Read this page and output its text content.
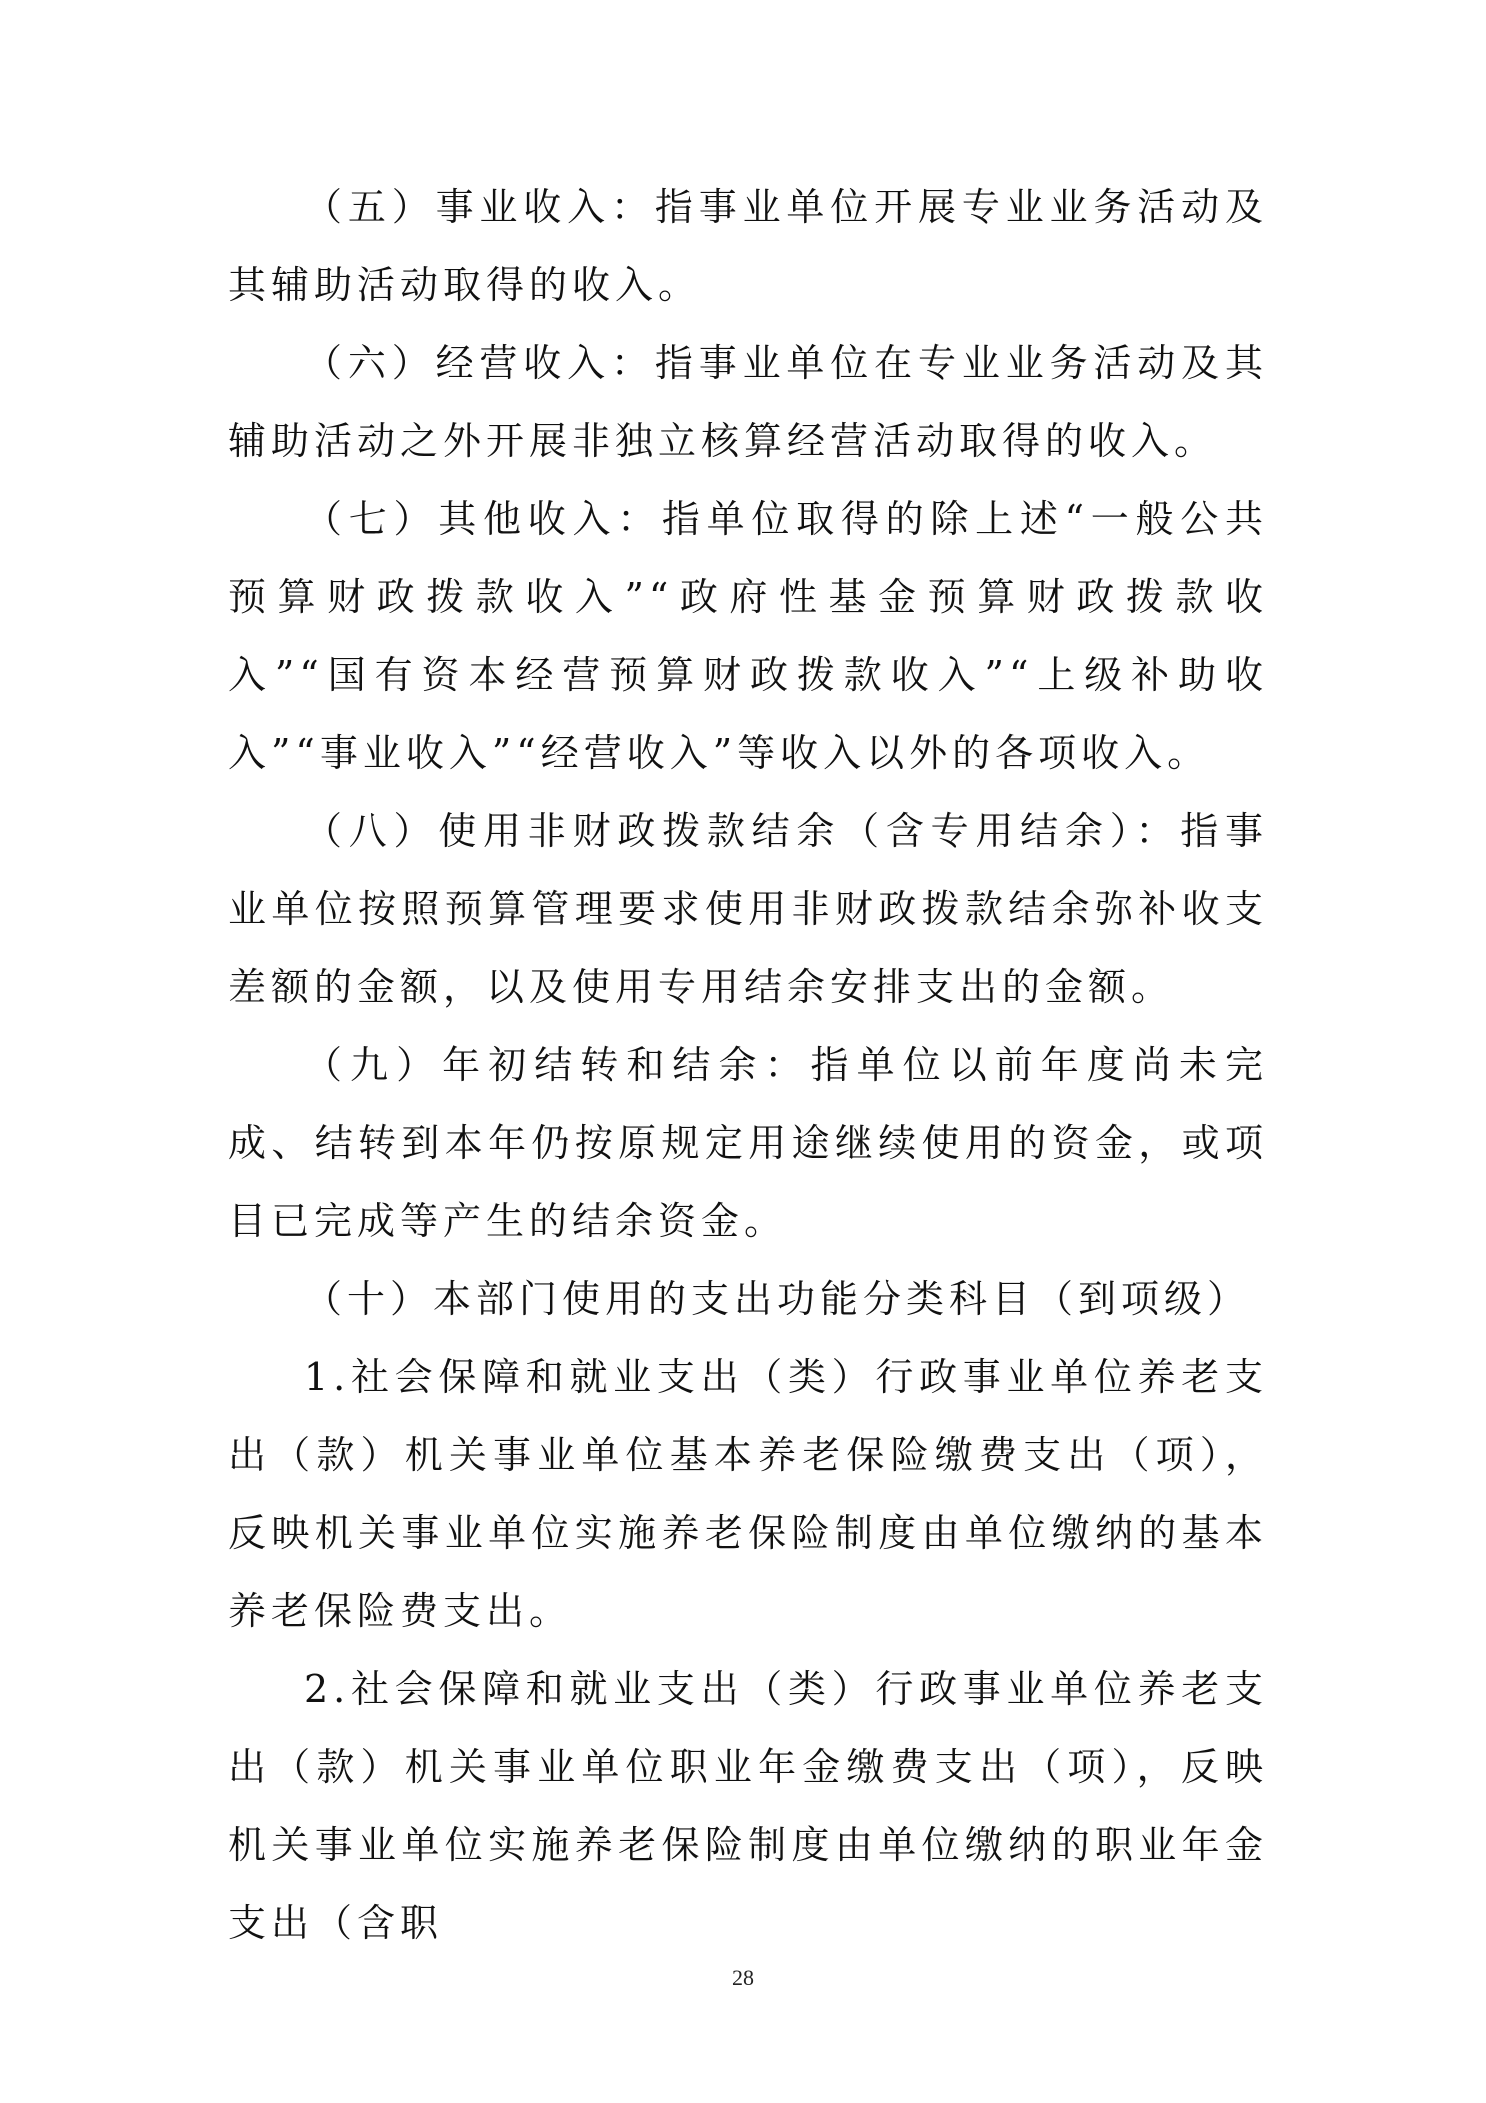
（五）事业收入：指事业单位开展专业业务活动及其辅助活动取得的收入。

（六）经营收入：指事业单位在专业业务活动及其辅助活动之外开展非独立核算经营活动取得的收入。

（七）其他收入：指单位取得的除上述“一般公共预算财政拨款收入”“政府性基金预算财政拨款收入”“国有资本经营预算财政拨款收入”“上级补助收入”“事业收入”“经营收入”等收入以外的各项收入。

（八）使用非财政拨款结余（含专用结余）：指事业单位按照预算管理要求使用非财政拨款结余弥补收支差额的金额，以及使用专用结余安排支出的金额。

（九）年初结转和结余：指单位以前年度尚未完成、结转到本年仍按原规定用途继续使用的资金，或项目已完成等产生的结余资金。

（十）本部门使用的支出功能分类科目（到项级）

1.社会保障和就业支出（类）行政事业单位养老支出（款）机关事业单位基本养老保险缴费支出（项），反映机关事业单位实施养老保险制度由单位缴纳的基本养老保险费支出。

2.社会保障和就业支出（类）行政事业单位养老支出（款）机关事业单位职业年金缴费支出（项），反映机关事业单位实施养老保险制度由单位缴纳的职业年金支出（含职

28
